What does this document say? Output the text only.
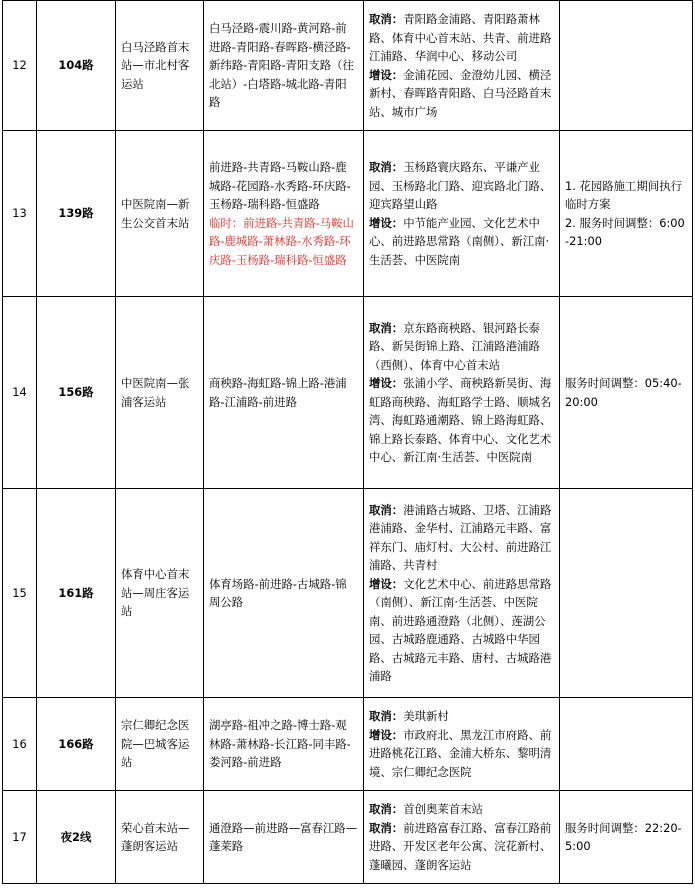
12	104路	白马泾路首末站—市北村客运站	白马泾路-震川路-黄河路-前进路-青阳路-春晖路-横泾路-新纬路-青阳路-青阳支路（往北站）-白塔路-城北路-青阳路	取消：青阳路金浦路、青阳路萧林路、体育中心首末站、共青、前进路江浦路、华润中心、移动公司
增设：金浦花园、金澄幼儿园、横泾新村、春晖路青阳路、白马泾路首末站、城市广场	
13	139路	中医院南—新生公交首末站	前进路-共青路-马鞍山路-鹿城路-花园路-水秀路-环庆路-玉杨路-瑞科路-恒盛路
临时：前进路-共青路-马鞍山路-鹿城路-萧林路-水秀路-环庆路-玉杨路-瑞科路-恒盛路	取消：玉杨路寰庆路东、平谦产业园、玉杨路北门路、迎宾路北门路、迎宾路望山路
增设：中节能产业园、文化艺术中心、前进路思常路（南侧）、新江南·生活荟、中医院南	1. 花园路施工期间执行临时方案
2. 服务时间调整：6:00-21:00
14	156路	中医院南—张浦客运站	商秧路-海虹路-锦上路-港浦路-江浦路-前进路	取消：京东路商秧路、银河路长泰路、新吴街锦上路、江浦路港浦路（西侧）、体育中心首末站
增设：张浦小学、商秧路新吴街、海虹路商秧路、海虹路学士路、顺城名湾、海虹路通潮路、锦上路海虹路、锦上路长泰路、体育中心、文化艺术中心、新江南·生活荟、中医院南	服务时间调整：05:40-20:00
15	161路	体育中心首末站—周庄客运站	体育场路-前进路-古城路-锦周公路	取消：港浦路古城路、卫塔、江浦路港浦路、金华村、江浦路元丰路、富祥东门、庙灯村、大公村、前进路江浦路、共青村
增设：文化艺术中心、前进路思常路（南侧）、新江南·生活荟、中医院南、前进路通澄路（北侧）、莲湖公园、古城路鹿通路、古城路中华园路、古城路元丰路、唐村、古城路港浦路	
16	166路	宗仁卿纪念医院—巴城客运站	湖亭路-祖冲之路-博士路-观林路-萧林路-长江路-同丰路-娄河路-前进路	取消：美琪新村
增设：市政府北、黑龙江市府路、前进路桃花江路、金浦大桥东、黎明清境、宗仁卿纪念医院	
17	夜2线	荣心首末站—蓬朗客运站	通澄路—前进路—富春江路—蓬莱路	取消：首创奥莱首末站
取消：前进路富春江路、富春江路前进路、开发区老年公寓、浣花新村、蓬曦园、蓬朗客运站	服务时间调整：22:20-5:00
